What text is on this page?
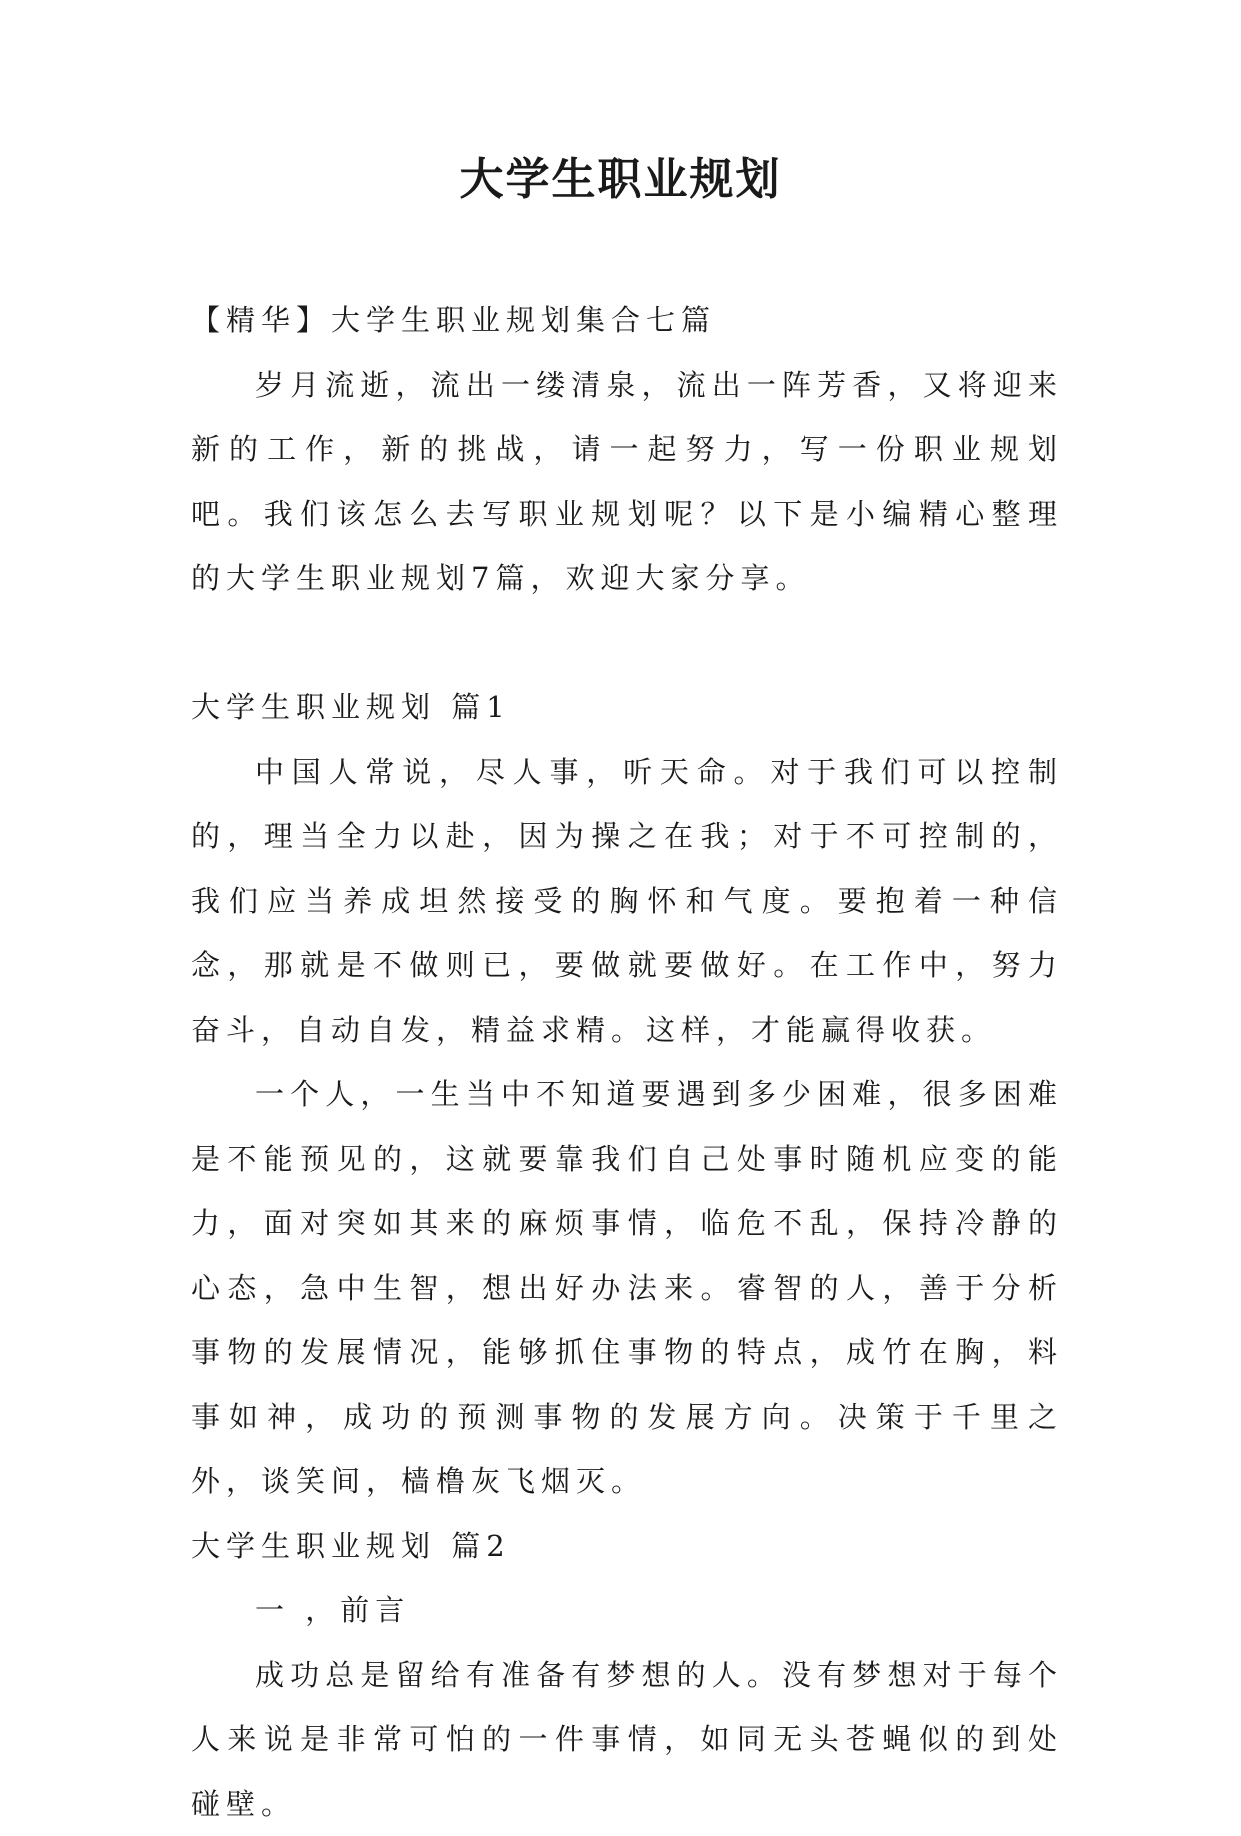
大学生职业规划

【精华】大学生职业规划集合七篇

岁月流逝，流出一缕清泉，流出一阵芳香，又将迎来新的工作，新的挑战，请一起努力，写一份职业规划吧。我们该怎么去写职业规划呢？以下是小编精心整理的大学生职业规划7篇，欢迎大家分享。

大学生职业规划 篇1

中国人常说，尽人事，听天命。对于我们可以控制的，理当全力以赴，因为操之在我；对于不可控制的，我们应当养成坦然接受的胸怀和气度。要抱着一种信念，那就是不做则已，要做就要做好。在工作中，努力奋斗，自动自发，精益求精。这样，才能赢得收获。

一个人，一生当中不知道要遇到多少困难，很多困难是不能预见的，这就要靠我们自己处事时随机应变的能力，面对突如其来的麻烦事情，临危不乱，保持冷静的心态，急中生智，想出好办法来。睿智的人，善于分析事物的发展情况，能够抓住事物的特点，成竹在胸，料事如神，成功的预测事物的发展方向。决策于千里之外，谈笑间，樯橹灰飞烟灭。

大学生职业规划 篇2

一 ，前言

成功总是留给有准备有梦想的人。没有梦想对于每个人来说是非常可怕的一件事情，如同无头苍蝇似的到处碰壁。
